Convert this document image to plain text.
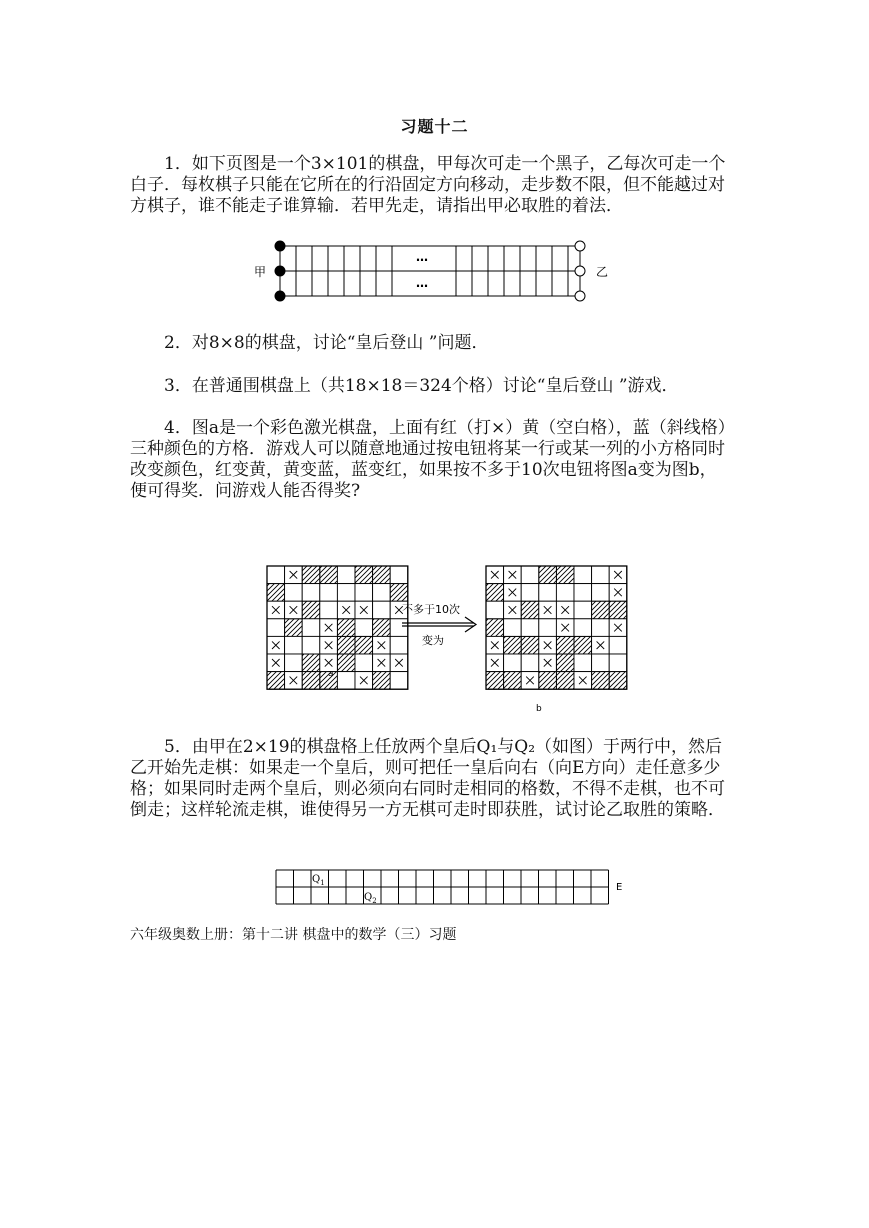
习题十二

1．如下页图是一个3×101的棋盘，甲每次可走一个黑子，乙每次可走一个白子．每枚棋子只能在它所在的行沿固定方向移动，走步数不限，但不能越过对方棋子，谁不能走子谁算输．若甲先走，请指出甲必取胜的着法．

甲	乙
…
…

2．对8×8的棋盘，讨论“皇后登山 ”问题．

3．在普通围棋盘上（共18×18＝324个格）讨论“皇后登山 ”游戏．

4．图a是一个彩色激光棋盘，上面有红（打×）黄（空白格），蓝（斜线格）三种颜色的方格．游戏人可以随意地通过按电钮将某一行或某一列的小方格同时改变颜色，红变黄，黄变蓝，蓝变红，如果按不多于10次电钮将图a变为图b，便可得奖．问游戏人能否得奖?

a
b
不多于10次
变为

5．由甲在2×19的棋盘格上任放两个皇后Q₁与Q₂（如图）于两行中，然后乙开始先走棋：如果走一个皇后，则可把任一皇后向右（向E方向）走任意多少格；如果同时走两个皇后，则必须向右同时走相同的格数，不得不走棋，也不可倒走；这样轮流走棋，谁使得另一方无棋可走时即获胜，试讨论乙取胜的策略．

$Q_1$
$Q_2$
E
六年级奥数上册：第十二讲 棋盘中的数学（三）习题
